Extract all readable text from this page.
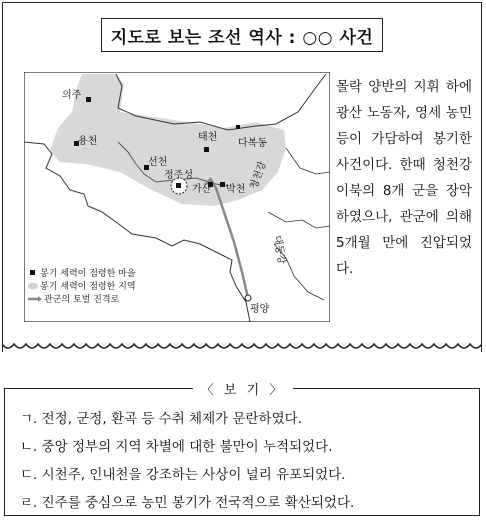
지도로 보는 조선 역사 : ○○ 사건
의주
용천
선천
정주성
가산 박천
태천
다복동
평양
청천강
대동강
봉기 세력이 점령한 마을
봉기 세력이 점령한 지역
관군의 토벌 진격로
몰락 양반의 지휘 하에 광산 노동자, 영세 농민 등이 가담하여 봉기한 사건이다. 한때 청천강 이북의 8개 군을 장악하였으나, 관군에 의해 5개월 만에 진압되었다.
〈 보 기 〉
ㄱ. 전정, 군정, 환곡 등 수취 체제가 문란하였다.
ㄴ. 중앙 정부의 지역 차별에 대한 불만이 누적되었다.
ㄷ. 시천주, 인내천을 강조하는 사상이 널리 유포되었다.
ㄹ. 진주를 중심으로 농민 봉기가 전국적으로 확산되었다.
